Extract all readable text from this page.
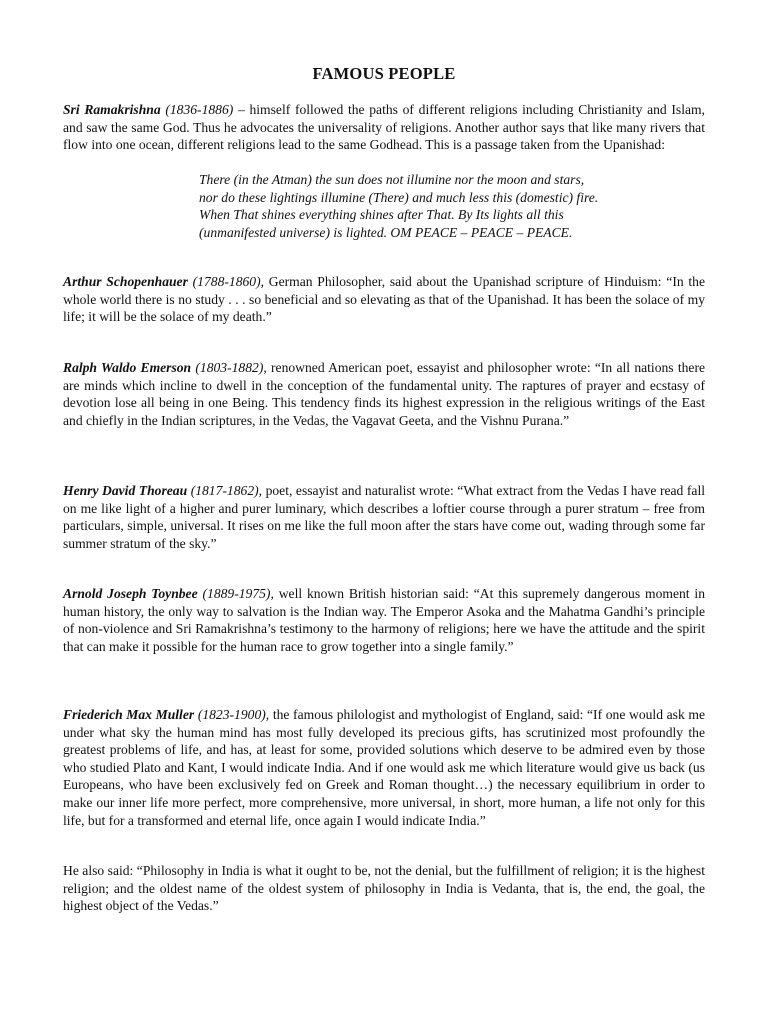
FAMOUS PEOPLE

Sri Ramakrishna (1836-1886) – himself followed the paths of different religions including Christianity and Islam, and saw the same God. Thus he advocates the universality of religions. Another author says that like many rivers that flow into one ocean, different religions lead to the same Godhead. This is a passage taken from the Upanishad:

There (in the Atman) the sun does not illumine nor the moon and stars,
nor do these lightings illumine (There) and much less this (domestic) fire.
When That shines everything shines after That. By Its lights all this
(unmanifested universe) is lighted. OM PEACE – PEACE – PEACE.

Arthur Schopenhauer (1788-1860), German Philosopher, said about the Upanishad scripture of Hinduism: “In the whole world there is no study . . . so beneficial and so elevating as that of the Upanishad. It has been the solace of my life; it will be the solace of my death.”

Ralph Waldo Emerson (1803-1882), renowned American poet, essayist and philosopher wrote: “In all nations there are minds which incline to dwell in the conception of the fundamental unity. The raptures of prayer and ecstasy of devotion lose all being in one Being. This tendency finds its highest expression in the religious writings of the East and chiefly in the Indian scriptures, in the Vedas, the Vagavat Geeta, and the Vishnu Purana.”

Henry David Thoreau (1817-1862), poet, essayist and naturalist wrote: “What extract from the Vedas I have read fall on me like light of a higher and purer luminary, which describes a loftier course through a purer stratum – free from particulars, simple, universal. It rises on me like the full moon after the stars have come out, wading through some far summer stratum of the sky.”

Arnold Joseph Toynbee (1889-1975), well known British historian said: “At this supremely dangerous moment in human history, the only way to salvation is the Indian way. The Emperor Asoka and the Mahatma Gandhi’s principle of non-violence and Sri Ramakrishna’s testimony to the harmony of religions; here we have the attitude and the spirit that can make it possible for the human race to grow together into a single family.”

Friederich Max Muller (1823-1900), the famous philologist and mythologist of England, said: “If one would ask me under what sky the human mind has most fully developed its precious gifts, has scrutinized most profoundly the greatest problems of life, and has, at least for some, provided solutions which deserve to be admired even by those who studied Plato and Kant, I would indicate India. And if one would ask me which literature would give us back (us Europeans, who have been exclusively fed on Greek and Roman thought…) the necessary equilibrium in order to make our inner life more perfect, more comprehensive, more universal, in short, more human, a life not only for this life, but for a transformed and eternal life, once again I would indicate India.”

He also said: “Philosophy in India is what it ought to be, not the denial, but the fulfillment of religion; it is the highest religion; and the oldest name of the oldest system of philosophy in India is Vedanta, that is, the end, the goal, the highest object of the Vedas.”
